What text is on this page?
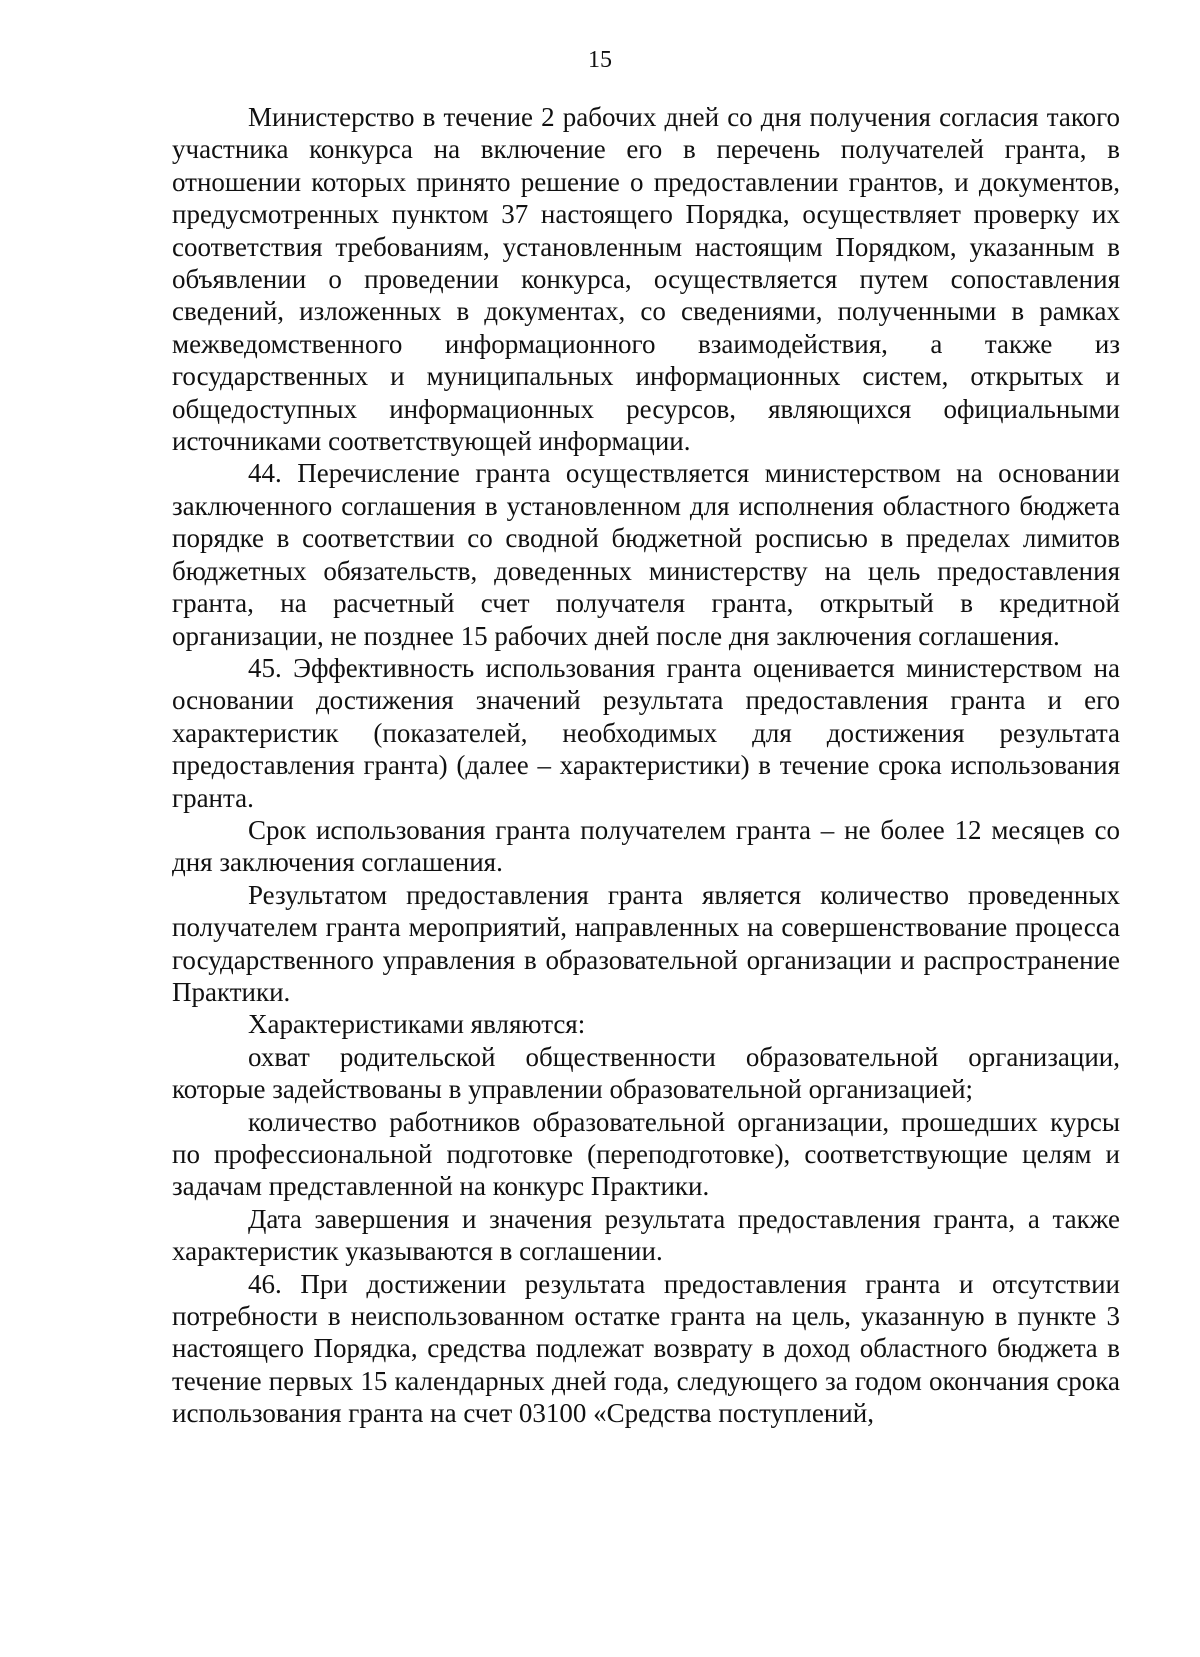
15

Министерство в течение 2 рабочих дней со дня получения согласия такого участника конкурса на включение его в перечень получателей гранта, в отношении которых принято решение о предоставлении грантов, и документов, предусмотренных пунктом 37 настоящего Порядка, осуществляет проверку их соответствия требованиям, установленным настоящим Порядком, указанным в объявлении о проведении конкурса, осуществляется путем сопоставления сведений, изложенных в документах, со сведениями, полученными в рамках межведомственного информационного взаимодействия, а также из государственных и муниципальных информационных систем, открытых и общедоступных информационных ресурсов, являющихся официальными источниками соответствующей информации.

44. Перечисление гранта осуществляется министерством на основании заключенного соглашения в установленном для исполнения областного бюджета порядке в соответствии со сводной бюджетной росписью в пределах лимитов бюджетных обязательств, доведенных министерству на цель предоставления гранта, на расчетный счет получателя гранта, открытый в кредитной организации, не позднее 15 рабочих дней после дня заключения соглашения.

45. Эффективность использования гранта оценивается министерством на основании достижения значений результата предоставления гранта и его характеристик (показателей, необходимых для достижения результата предоставления гранта) (далее – характеристики) в течение срока использования гранта.

Срок использования гранта получателем гранта – не более 12 месяцев со дня заключения соглашения.

Результатом предоставления гранта является количество проведенных получателем гранта мероприятий, направленных на совершенствование процесса государственного управления в образовательной организации и распространение Практики.

Характеристиками являются:

охват родительской общественности образовательной организации, которые задействованы в управлении образовательной организацией;

количество работников образовательной организации, прошедших курсы по профессиональной подготовке (переподготовке), соответствующие целям и задачам представленной на конкурс Практики.

Дата завершения и значения результата предоставления гранта, а также характеристик указываются в соглашении.

46. При достижении результата предоставления гранта и отсутствии потребности в неиспользованном остатке гранта на цель, указанную в пункте 3 настоящего Порядка, средства подлежат возврату в доход областного бюджета в течение первых 15 календарных дней года, следующего за годом окончания срока использования гранта на счет 03100 «Средства поступлений,
